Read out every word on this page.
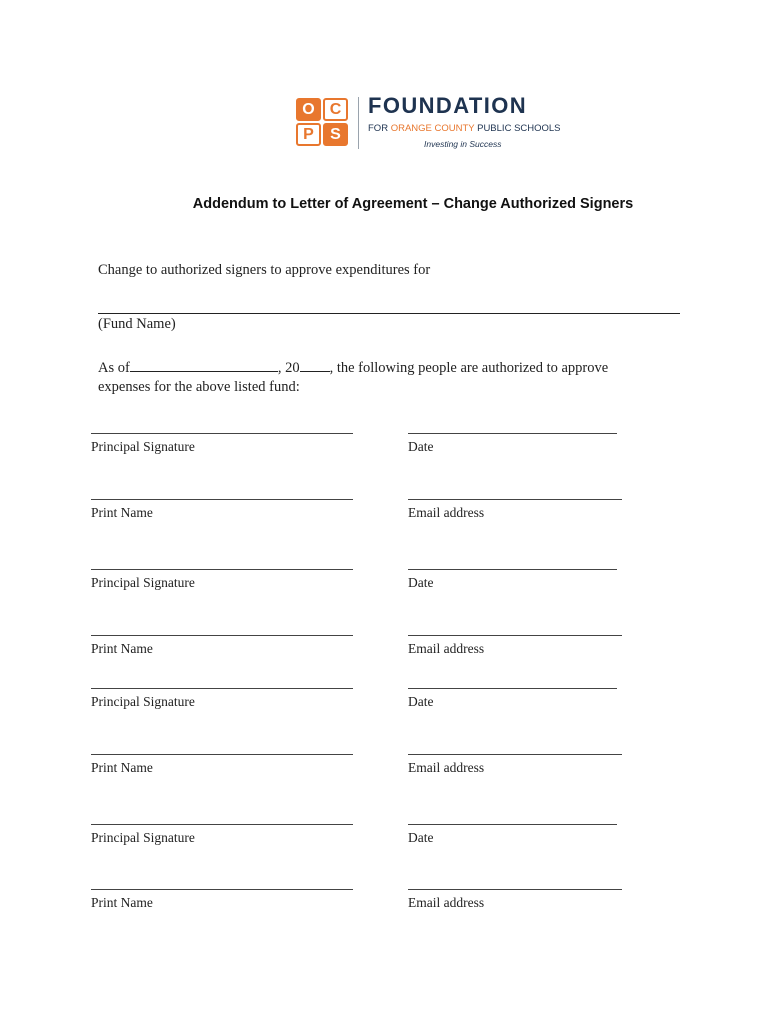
O C
P	S
FOUNDATION
FOR ORANGE COUNTY PUBLIC SCHOOLS
Investing in Success
Addendum to Letter of Agreement – Change Authorized Signers
Change to authorized signers to approve expenditures for
(Fund Name)
As of	, 20 , the following people are authorized to approve
expenses for the above listed fund:
Principal Signature	Date
Print Name	Email address
Principal Signature	Date
Print Name	Email address
Principal Signature	Date
Print Name	Email address
Principal Signature	Date
Print Name	Email address
